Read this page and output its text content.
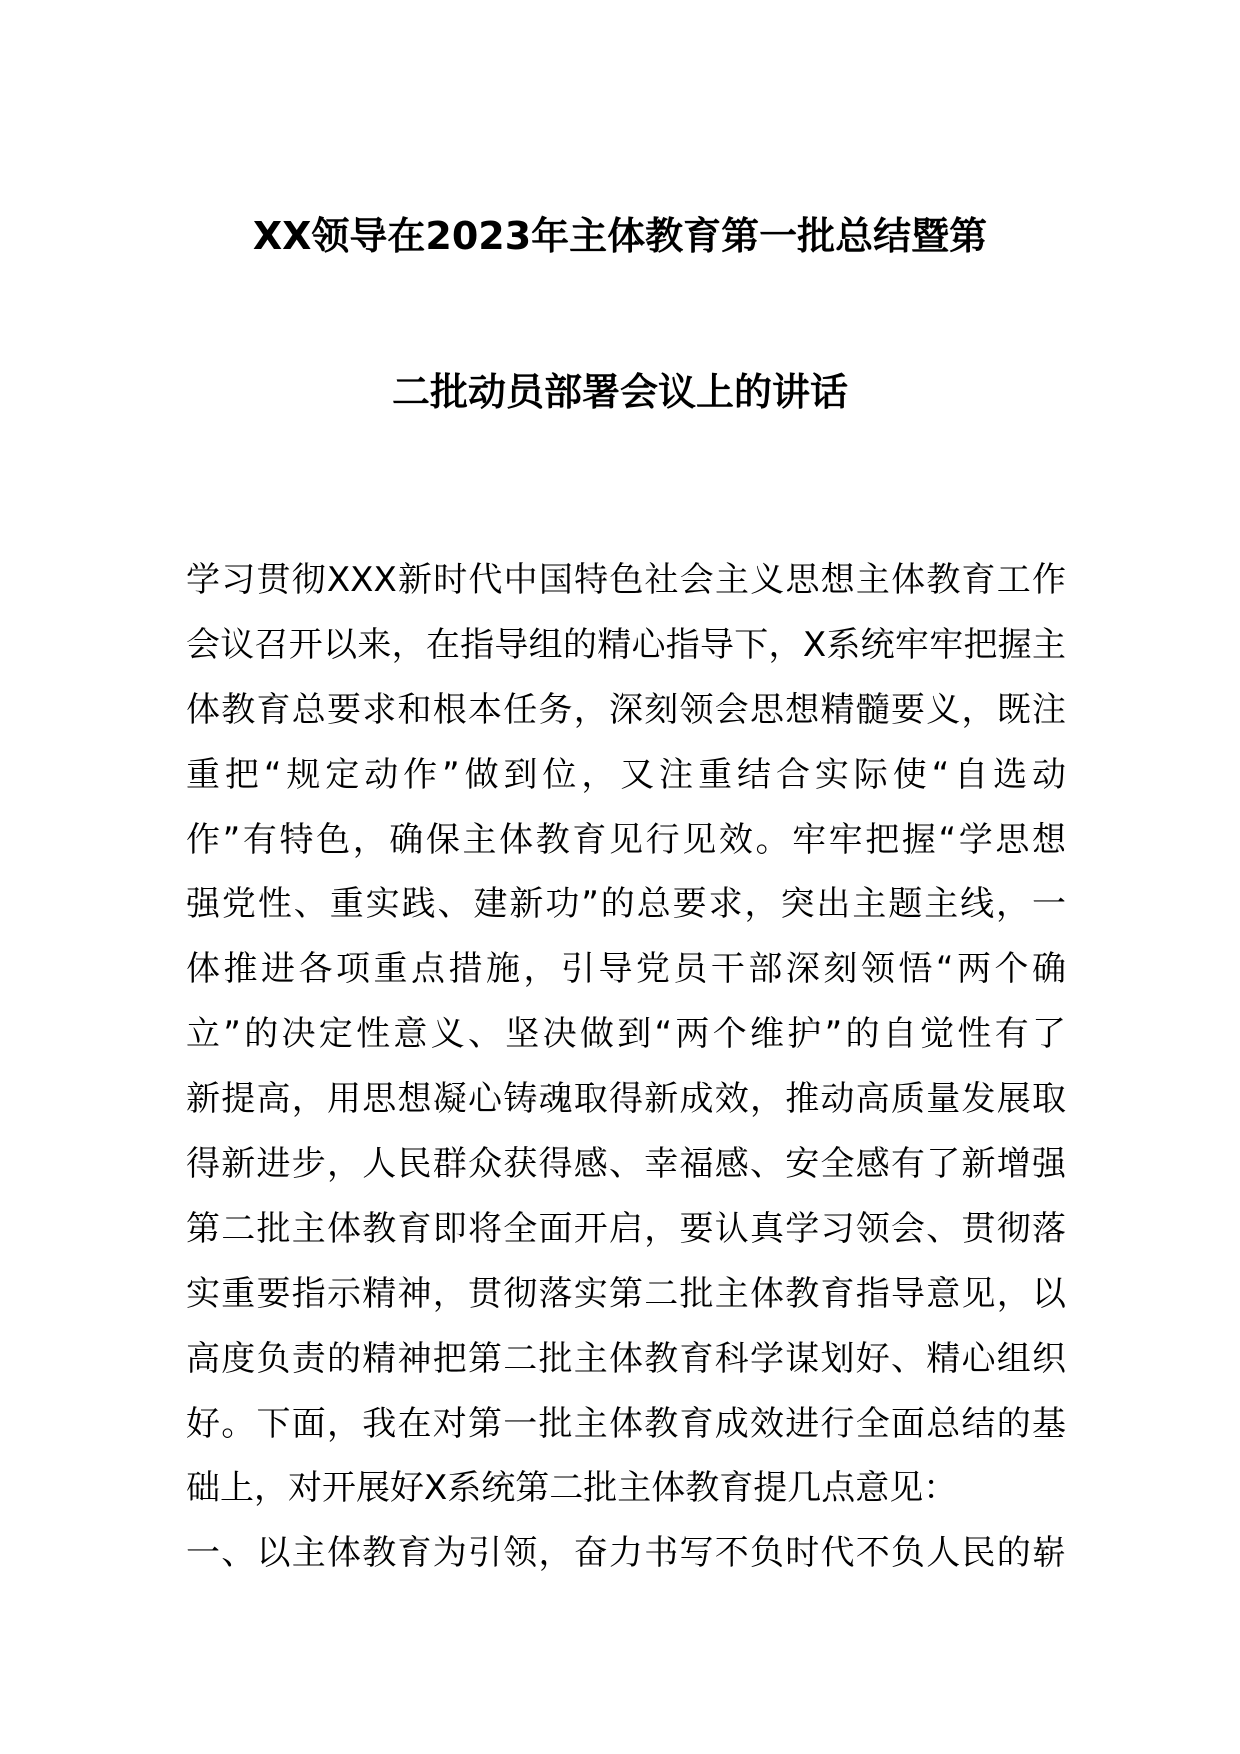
XX领导在2023年主体教育第一批总结暨第
二批动员部署会议上的讲话
学习贯彻XXX新时代中国特色社会主义思想主体教育工作
会议召开以来，在指导组的精心指导下，X系统牢牢把握主
体教育总要求和根本任务，深刻领会思想精髓要义，既注
重把“规定动作”做到位，又注重结合实际使“自选动
作”有特色，确保主体教育见行见效。牢牢把握“学思想
强党性、重实践、建新功”的总要求，突出主题主线，一
体推进各项重点措施，引导党员干部深刻领悟“两个确
立”的决定性意义、坚决做到“两个维护”的自觉性有了
新提高，用思想凝心铸魂取得新成效，推动高质量发展取
得新进步，人民群众获得感、幸福感、安全感有了新增强
第二批主体教育即将全面开启，要认真学习领会、贯彻落
实重要指示精神，贯彻落实第二批主体教育指导意见，以
高度负责的精神把第二批主体教育科学谋划好、精心组织
好。下面，我在对第一批主体教育成效进行全面总结的基
础上，对开展好X系统第二批主体教育提几点意见：
一、以主体教育为引领，奋力书写不负时代不负人民的崭
